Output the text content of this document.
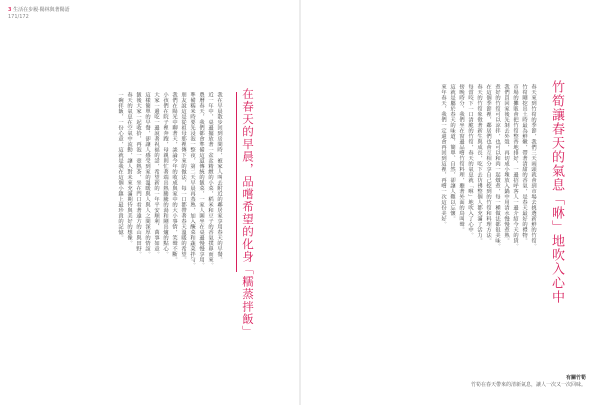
3 生活在步履·陽林與著陽語
171/172
我在早晨散步回到房間時，被家人叫去附近的鄰居家享用春天的早餐。
近一年中，桌邊擺放著一盆盆精緻的小菜，稻米和豆子的香氣撲鼻而來。
農曆春天，我們都會準備這道傳統的飯菜，一家人圍坐在桌邊慢慢享用。
準備糯米時要先浸泡一整夜，第二天早晨再蒸熟，加入醃菜和蔬菜拌勻。
朋友說這是從祖母那裡傳下來的做法，每一口都帶著春天溫暖的希望。
我們在陽光中聊著天，談論今年的收成與家中的大小事情，笑聲不斷。
小孩們在院子裡奔跑，母親則忙著端出熱騰騰的湯和剛出爐的點心。
大家一邊吃一邊說著祝福的話，希望新的一年平安順利、萬事如意。
這樣簡單的早餐，卻讓人感受到家的溫暖與人與人之間深厚的情誼。
飯後大家一起收拾，再泡一壺熱茶，坐在門口看著遠方的山與田野。
春天的氣息在空氣中流動，讓人對未來充滿期待與美好的想像。
一碗拌飯，一份心意，這就是我在這個小鎮上最珍貴的記憶。	在春天的早晨，品嚐希望的化身「糯蒸拌飯」	竹筍讓春天的氣息「咻」地吹入心中
春天來到竹筍的季節，我們三天兩頭就會到市場去挑選新鮮的竹筍。
竹筍剛挖出土時最為鮮嫩，帶著清甜的香氣，是春天最好的禮物。
市場的攤販會把竹筍整齊地排好，一邊招呼客人一邊介紹今天的貨。
我們買回家後先剝去外殼，再切成小塊放入鍋中用清水慢慢煮熟。
煮好的竹筍可以涼拌，也可以和肉一起燉煮，每一種做法都很美味。
在這個季節裡，鄰居們也會互相分享自己挖到的竹筍和料理方法。
春天的竹筍象徵著新生與成長，吃下去彷彿整個人都充滿了活力。
每當咬下一口清脆的竹筍，春天的氣息就「咻」地吹入了心中。
傍晚時分，我們坐在窗邊品嚐竹筍料理，聽著外面的鳥叫聲。
這就是屬於春天的味道，簡單、自然，卻讓人難以忘懷。
來年春天，我們一定還會再回到這裡，再嚐一次這份美好。
有關竹筍
竹筍在春天帶來的清新氣息，讓人一次又一次回味。
